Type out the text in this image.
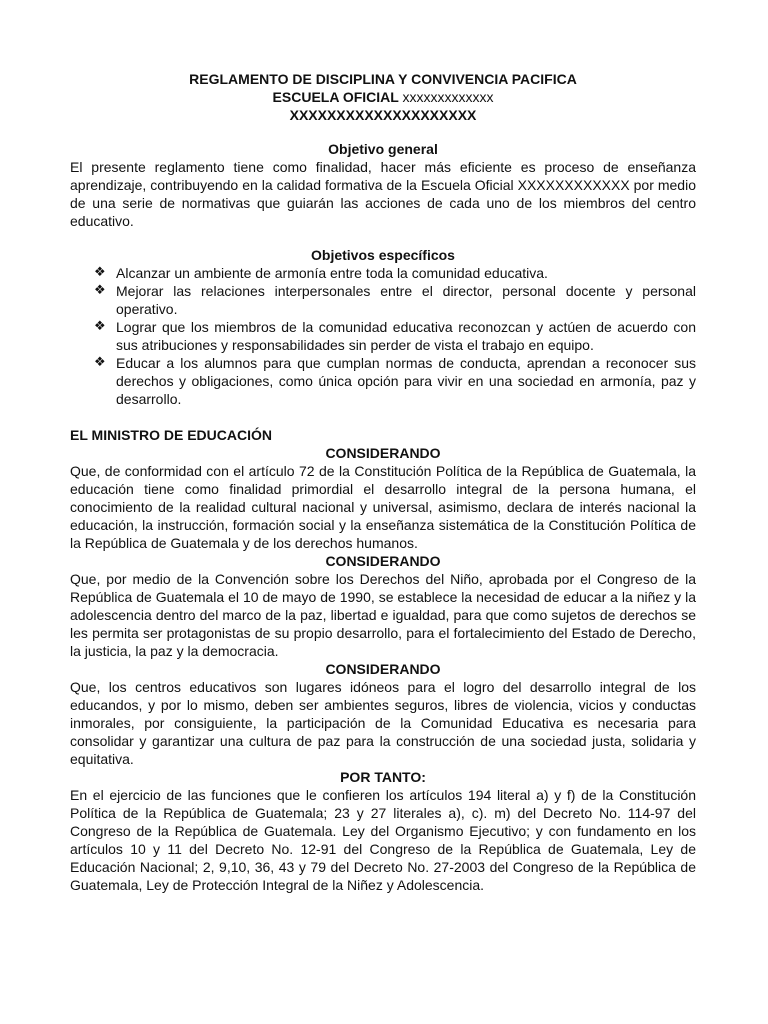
REGLAMENTO DE DISCIPLINA Y CONVIVENCIA PACIFICA
ESCUELA OFICIAL xxxxxxxxxxxxx
XXXXXXXXXXXXXXXXXXXX
Objetivo general

El presente reglamento tiene como finalidad, hacer más eficiente es proceso de enseñanza aprendizaje, contribuyendo en la calidad formativa de la Escuela Oficial XXXXXXXXXXXX por medio de una serie de normativas que guiarán las acciones de cada uno de los miembros del centro educativo.

Objetivos específicos
❖ Alcanzar un ambiente de armonía entre toda la comunidad educativa.
❖ Mejorar las relaciones interpersonales entre el director, personal docente y personal operativo.
❖ Lograr que los miembros de la comunidad educativa reconozcan y actúen de acuerdo con sus atribuciones y responsabilidades sin perder de vista el trabajo en equipo.
❖ Educar a los alumnos para que cumplan normas de conducta, aprendan a reconocer sus derechos y obligaciones, como única opción para vivir en una sociedad en armonía, paz y desarrollo.
EL MINISTRO DE EDUCACIÓN
CONSIDERANDO

Que, de conformidad con el artículo 72 de la Constitución Política de la República de Guatemala, la educación tiene como finalidad primordial el desarrollo integral de la persona humana, el conocimiento de la realidad cultural nacional y universal, asimismo, declara de interés nacional la educación, la instrucción, formación social y la enseñanza sistemática de la Constitución Política de la República de Guatemala y de los derechos humanos.

CONSIDERANDO

Que, por medio de la Convención sobre los Derechos del Niño, aprobada por el Congreso de la República de Guatemala el 10 de mayo de 1990, se establece la necesidad de educar a la niñez y la adolescencia dentro del marco de la paz, libertad e igualdad, para que como sujetos de derechos se les permita ser protagonistas de su propio desarrollo, para el fortalecimiento del Estado de Derecho, la justicia, la paz y la democracia.

CONSIDERANDO

Que, los centros educativos son lugares idóneos para el logro del desarrollo integral de los educandos, y por lo mismo, deben ser ambientes seguros, libres de violencia, vicios y conductas inmorales, por consiguiente, la participación de la Comunidad Educativa es necesaria para consolidar y garantizar una cultura de paz para la construcción de una sociedad justa, solidaria y equitativa.

POR TANTO:

En el ejercicio de las funciones que le confieren los artículos 194 literal a) y f) de la Constitución Política de la República de Guatemala; 23 y 27 literales a), c). m) del Decreto No. 114-97 del Congreso de la República de Guatemala. Ley del Organismo Ejecutivo; y con fundamento en los artículos 10 y 11 del Decreto No. 12-91 del Congreso de la República de Guatemala, Ley de Educación Nacional; 2, 9,10, 36, 43 y 79 del Decreto No. 27-2003 del Congreso de la República de Guatemala, Ley de Protección Integral de la Niñez y Adolescencia.
